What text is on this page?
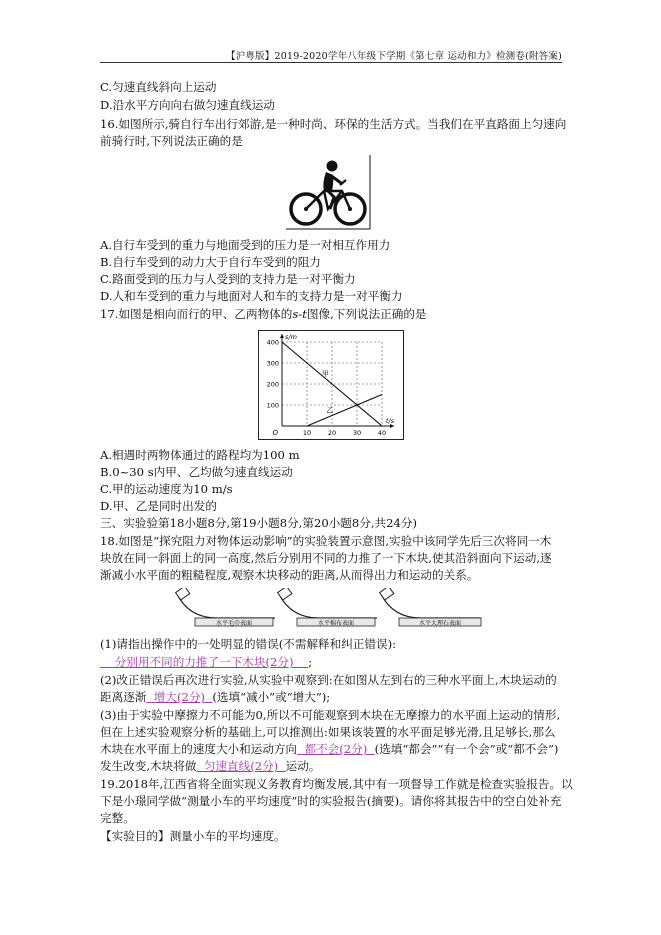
【沪粤版】2019-2020学年八年级下学期《第七章 运动和力》检测卷(附答案)
C.匀速直线斜向上运动
D.沿水平方向向右做匀速直线运动
16.如图所示,骑自行车出行郊游,是一种时尚、环保的生活方式。当我们在平直路面上匀速向
前骑行时,下列说法正确的是
A.自行车受到的重力与地面受到的压力是一对相互作用力
B.自行车受到的动力大于自行车受到的阻力
C.路面受到的压力与人受到的支持力是一对平衡力
D.人和车受到的重力与地面对人和车的支持力是一对平衡力
17.如图是相向而行的甲、乙两物体的s-t图像,下列说法正确的是
10	20	30	40
100
200
300
400
O
s/m
t/s
甲
乙
A.相遇时两物体通过的路程均为100 m
B.0~30 s内甲、乙均做匀速直线运动
C.甲的运动速度为10 m/s
D.甲、乙是同时出发的
三、实验验第18小题8分,第19小题8分,第20小题8分,共24分)
18.如图是“探究阻力对物体运动影响”的实验装置示意图,实验中该同学先后三次将同一木
块放在同一斜面上的同一高度,然后分别用不同的力推了一下木块,使其沿斜面向下运动,逐
渐减小水平面的粗糙程度,观察木块移动的距离,从而得出力和运动的关系。
水平毛巾表面	水平棉布表面	水平大理石表面
(1)请指出操作中的一处明显的错误(不需解释和纠正错误):
分别用不同的力推了一下木块(2分) ;
(2)改正错误后再次进行实验,从实验中观察到:在如图从左到右的三种水平面上,木块运动的
距离逐渐 增大(2分) (选填“减小”或“增大”);
(3)由于实验中摩擦力不可能为0,所以不可能观察到木块在无摩擦力的水平面上运动的情形,
但在上述实验观察分析的基础上,可以推测出:如果该装置的水平面足够光滑,且足够长,那么
木块在水平面上的速度大小和运动方向 都不会(2分) (选填“都会”“有一个会”或“都不会”)
发生改变,木块将做 匀速直线(2分) 运动。
19.2018年,江西省将全面实现义务教育均衡发展,其中有一项督导工作就是检查实验报告。以
下是小璟同学做“测量小车的平均速度”时的实验报告(摘要)。请你将其报告中的空白处补充
完整。
【实验目的】测量小车的平均速度。
